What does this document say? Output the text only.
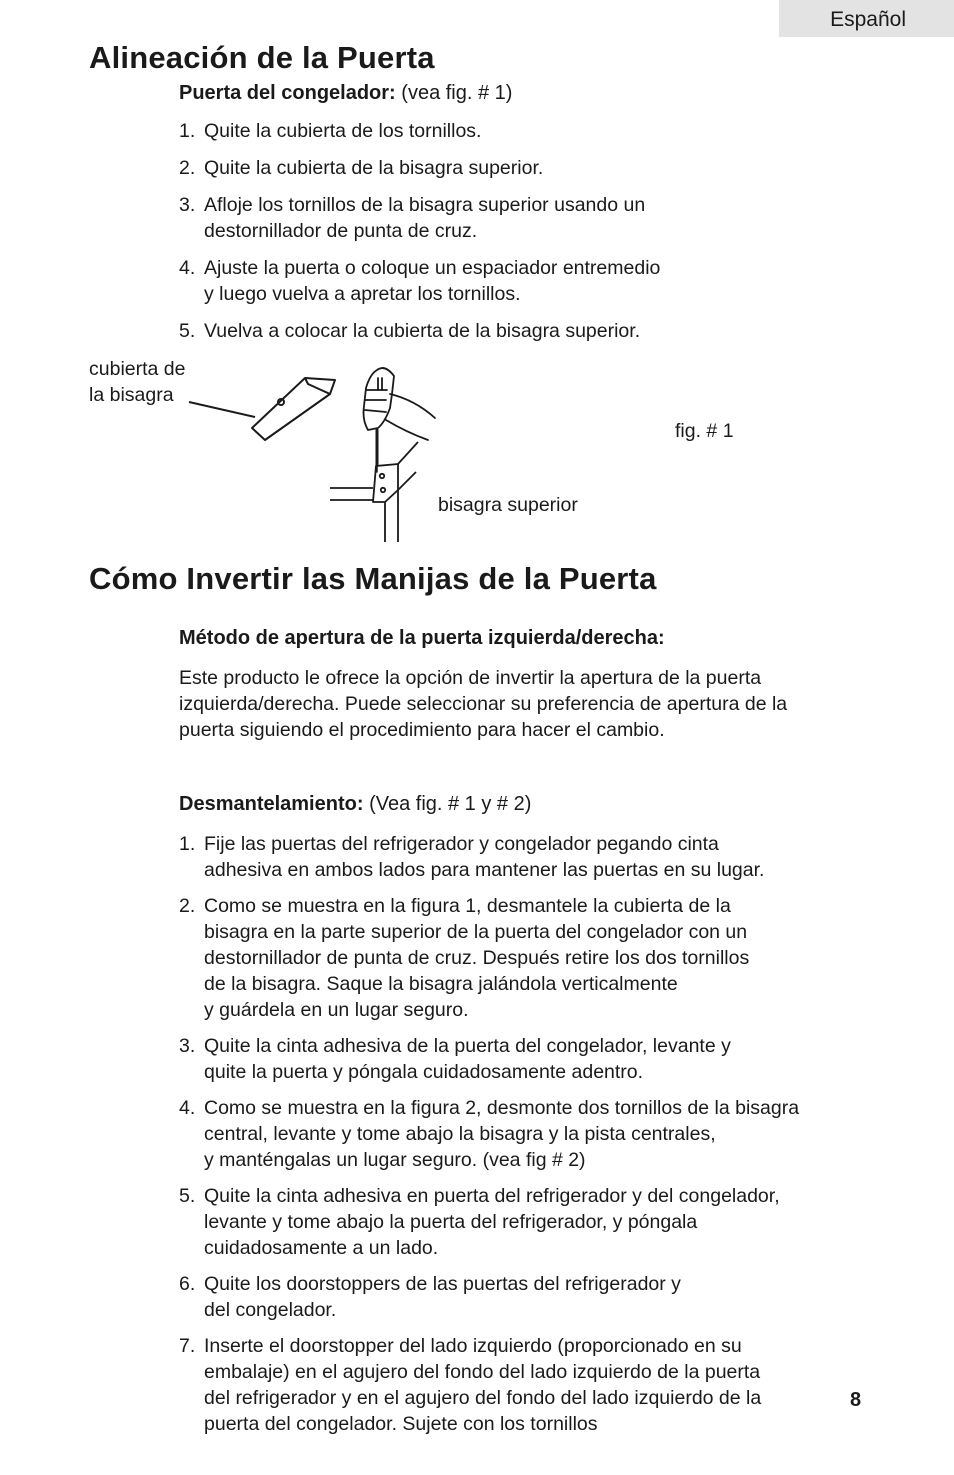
Español
Alineación de la Puerta
Puerta del congelador: (vea fig. # 1)
1. Quite la cubierta de los tornillos.
2. Quite la cubierta de la bisagra superior.
3. Afloje los tornillos de la bisagra superior usando un
destornillador de punta de cruz.
4. Ajuste la puerta o coloque un espaciador entremedio
y luego vuelva a apretar los tornillos.
5. Vuelva a colocar la cubierta de la bisagra superior.
cubierta de
la bisagra
bisagra superior
fig. # 1
Cómo Invertir las Manijas de la Puerta
Método de apertura de la puerta izquierda/derecha:

Este producto le ofrece la opción de invertir la apertura de la puerta
izquierda/derecha. Puede seleccionar su preferencia de apertura de la
puerta siguiendo el procedimiento para hacer el cambio.

Desmantelamiento: (Vea fig. # 1 y # 2)
1. Fije las puertas del refrigerador y congelador pegando cinta
adhesiva en ambos lados para mantener las puertas en su lugar.
2. Como se muestra en la figura 1, desmantele la cubierta de la
bisagra en la parte superior de la puerta del congelador con un
destornillador de punta de cruz. Después retire los dos tornillos
de la bisagra. Saque la bisagra jalándola verticalmente
y guárdela en un lugar seguro.
3. Quite la cinta adhesiva de la puerta del congelador, levante y
quite la puerta y póngala cuidadosamente adentro.
4. Como se muestra en la figura 2, desmonte dos tornillos de la bisagra
central, levante y tome abajo la bisagra y la pista centrales,
y manténgalas un lugar seguro. (vea fig # 2)
5. Quite la cinta adhesiva en puerta del refrigerador y del congelador,
levante y tome abajo la puerta del refrigerador, y póngala
cuidadosamente a un lado.
6. Quite los doorstoppers de las puertas del refrigerador y
del congelador.
7. Inserte el doorstopper del lado izquierdo (proporcionado en su
embalaje) en el agujero del fondo del lado izquierdo de la puerta
del refrigerador y en el agujero del fondo del lado izquierdo de la
puerta del congelador. Sujete con los tornillos
8
